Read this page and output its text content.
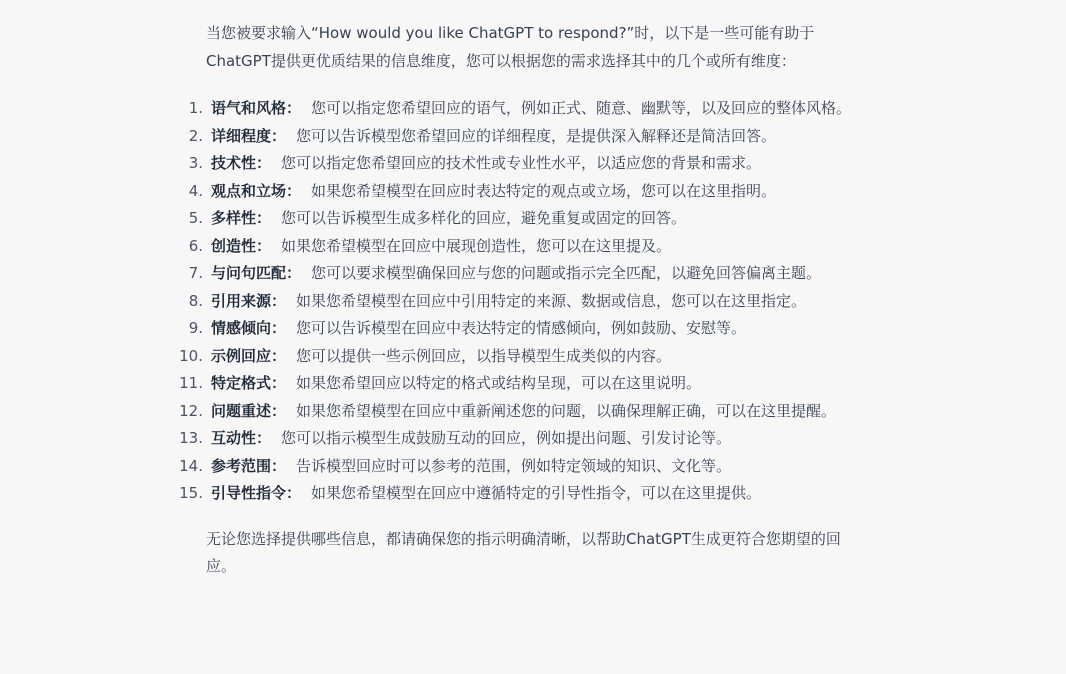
当您被要求输入“How would you like ChatGPT to respond?”时，以下是一些可能有助于ChatGPT提供更优质结果的信息维度，您可以根据您的需求选择其中的几个或所有维度：

1. 语气和风格： 您可以指定您希望回应的语气，例如正式、随意、幽默等，以及回应的整体风格。
2. 详细程度： 您可以告诉模型您希望回应的详细程度，是提供深入解释还是简洁回答。
3. 技术性： 您可以指定您希望回应的技术性或专业性水平，以适应您的背景和需求。
4. 观点和立场： 如果您希望模型在回应时表达特定的观点或立场，您可以在这里指明。
5. 多样性： 您可以告诉模型生成多样化的回应，避免重复或固定的回答。
6. 创造性： 如果您希望模型在回应中展现创造性，您可以在这里提及。
7. 与问句匹配： 您可以要求模型确保回应与您的问题或指示完全匹配，以避免回答偏离主题。
8. 引用来源： 如果您希望模型在回应中引用特定的来源、数据或信息，您可以在这里指定。
9. 情感倾向： 您可以告诉模型在回应中表达特定的情感倾向，例如鼓励、安慰等。
10. 示例回应： 您可以提供一些示例回应，以指导模型生成类似的内容。
11. 特定格式： 如果您希望回应以特定的格式或结构呈现，可以在这里说明。
12. 问题重述： 如果您希望模型在回应中重新阐述您的问题，以确保理解正确，可以在这里提醒。
13. 互动性： 您可以指示模型生成鼓励互动的回应，例如提出问题、引发讨论等。
14. 参考范围： 告诉模型回应时可以参考的范围，例如特定领域的知识、文化等。
15. 引导性指令： 如果您希望模型在回应中遵循特定的引导性指令，可以在这里提供。

无论您选择提供哪些信息，都请确保您的指示明确清晰，以帮助ChatGPT生成更符合您期望的回应。
